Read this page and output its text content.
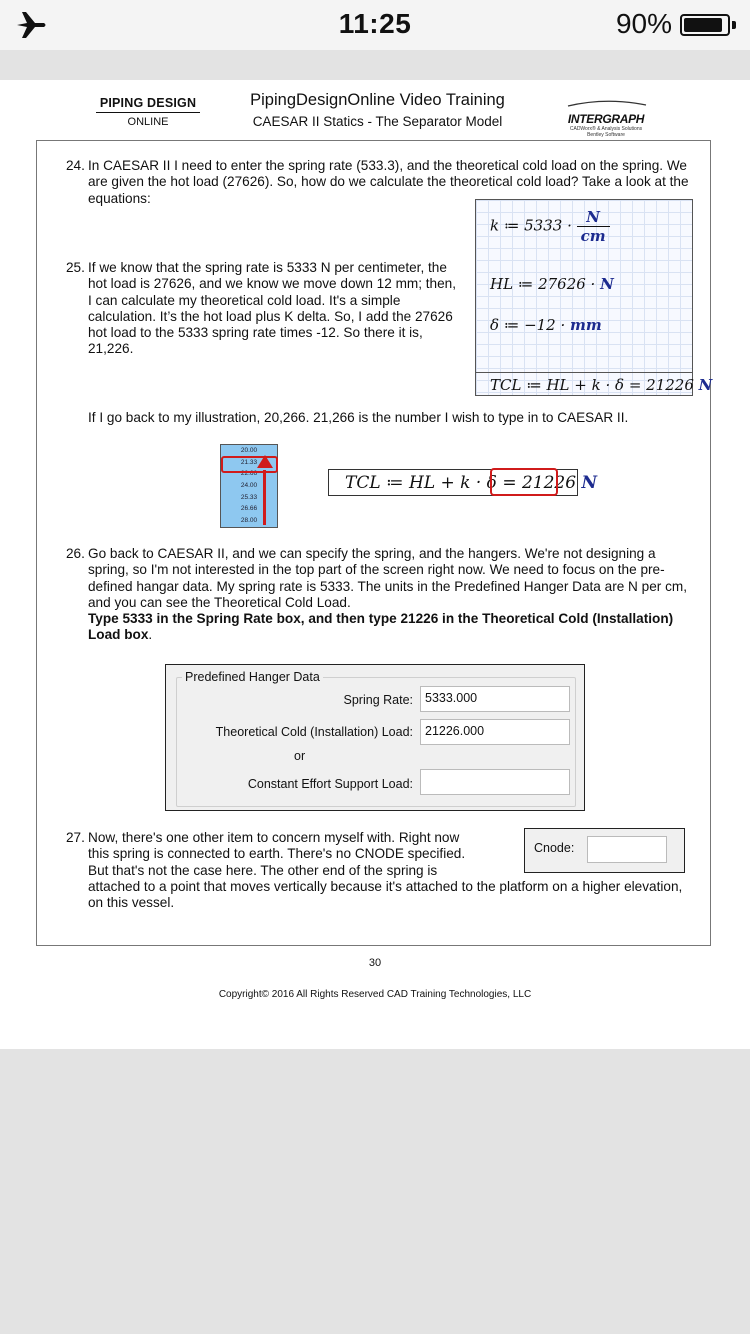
11:25	90%
PIPING DESIGN
ONLINE
PipingDesignOnline Video Training
CAESAR II Statics - The Separator Model	INTERGRAPH
CADWorx® & Analysis Solutions
Bentley Software
24. In CAESAR II I need to enter the spring rate (533.3), and the theoretical cold load on the spring. We are given the hot load (27626). So, how do we calculate the theoretical cold load? Take a look at the equations:
k ≔ $5333 \cdot \frac{N}{cm}$
HL ≔ 27626 · N
δ ≔ −12 · mm
TCL ≔ HL + k · δ = 21226 N
25. If we know that the spring rate is 5333 N per centimeter, the hot load is 27626, and we know we move down 12 mm; then, I can calculate my theoretical cold load. It's a simple calculation. It’s the hot load plus K delta. So, I add the 27626 hot load to the 5333 spring rate times -12. So there it is, 21,226.
If I go back to my illustration, 20,266. 21,266 is the number I wish to type in to CAESAR II.
20.00
21.33
22.66
24.00
25.33
26.66
28.00
TCL ≔ HL + k · δ = 21226 N
26. Go back to CAESAR II, and we can specify the spring, and the hangers. We're not designing a spring, so I'm not interested in the top part of the screen right now. We need to focus on the pre-defined hangar data. My spring rate is 5333. The units in the Predefined Hanger Data are N per cm, and you can see the Theoretical Cold Load.
Type 5333 in the Spring Rate box, and then type 21226 in the Theoretical Cold (Installation) Load box.
Predefined Hanger Data
Spring Rate: 5333.000
Theoretical Cold (Installation) Load: 21226.000
or
Constant Effort Support Load:
27. Now, there's one other item to concern myself with. Right now
this spring is connected to earth. There's no CNODE specified.
But that's not the case here. The other end of the spring is
attached to a point that moves vertically because it's attached to the platform on a higher elevation, on this vessel.
Cnode:
30
Copyright© 2016 All Rights Reserved CAD Training Technologies, LLC
